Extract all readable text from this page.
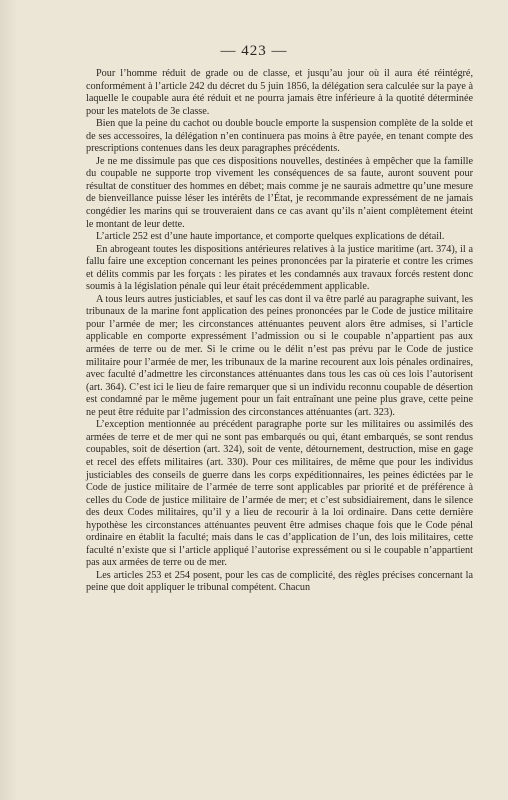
— 423 —

Pour l’homme réduit de grade ou de classe, et jusqu’au jour où il aura été réintégré, conformément à l’article 242 du décret du 5 juin 1856, la délégation sera calculée sur la paye à laquelle le coupable aura été réduit et ne pourra jamais être inférieure à la quotité déterminée pour les matelots de 3e classe.

Bien que la peine du cachot ou double boucle emporte la suspension complète de la solde et de ses accessoires, la délégation n’en continuera pas moins à être payée, en tenant compte des prescriptions contenues dans les deux paragraphes précédents.

Je ne me dissimule pas que ces dispositions nouvelles, destinées à empêcher que la famille du coupable ne supporte trop vivement les conséquences de sa faute, auront souvent pour résultat de constituer des hommes en débet; mais comme je ne saurais admettre qu’une mesure de bienveillance puisse léser les intérêts de l’État, je recommande expressément de ne jamais congédier les marins qui se trouveraient dans ce cas avant qu’ils n’aient complètement éteint le montant de leur dette.

L’article 252 est d’une haute importance, et comporte quelques explications de détail.

En abrogeant toutes les dispositions antérieures relatives à la justice maritime (art. 374), il a fallu faire une exception concernant les peines prononcées par la piraterie et contre les crimes et délits commis par les forçats : les pirates et les condamnés aux travaux forcés restent donc soumis à la législation pénale qui leur était précédemment applicable.

A tous leurs autres justiciables, et sauf les cas dont il va être parlé au paragraphe suivant, les tribunaux de la marine font application des peines prononcées par le Code de justice militaire pour l’armée de mer; les circonstances atténuantes peuvent alors être admises, si l’article applicable en comporte expressément l’admission ou si le coupable n’appartient pas aux armées de terre ou de mer. Si le crime ou le délit n’est pas prévu par le Code de justice militaire pour l’armée de mer, les tribunaux de la marine recourent aux lois pénales ordinaires, avec faculté d’admettre les circonstances atténuantes dans tous les cas où ces lois l’autorisent (art. 364). C’est ici le lieu de faire remarquer que si un individu reconnu coupable de désertion est condamné par le même jugement pour un fait entraînant une peine plus grave, cette peine ne peut être réduite par l’admission des circonstances atténuantes (art. 323).

L’exception mentionnée au précédent paragraphe porte sur les militaires ou assimilés des armées de terre et de mer qui ne sont pas embarqués ou qui, étant embarqués, se sont rendus coupables, soit de désertion (art. 324), soit de vente, détournement, destruction, mise en gage et recel des effets militaires (art. 330). Pour ces militaires, de même que pour les individus justiciables des conseils de guerre dans les corps expéditionnaires, les peines édictées par le Code de justice militaire de l’armée de terre sont applicables par priorité et de préférence à celles du Code de justice militaire de l’armée de mer; et c’est subsidiairement, dans le silence des deux Codes militaires, qu’il y a lieu de recourir à la loi ordinaire. Dans cette dernière hypothèse les circonstances atténuantes peuvent être admises chaque fois que le Code pénal ordinaire en établit la faculté; mais dans le cas d’application de l’un, des lois militaires, cette faculté n’existe que si l’article appliqué l’autorise expressément ou si le coupable n’appartient pas aux armées de terre ou de mer.

Les articles 253 et 254 posent, pour les cas de complicité, des règles précises concernant la peine que doit appliquer le tribunal compétent. Chacun
